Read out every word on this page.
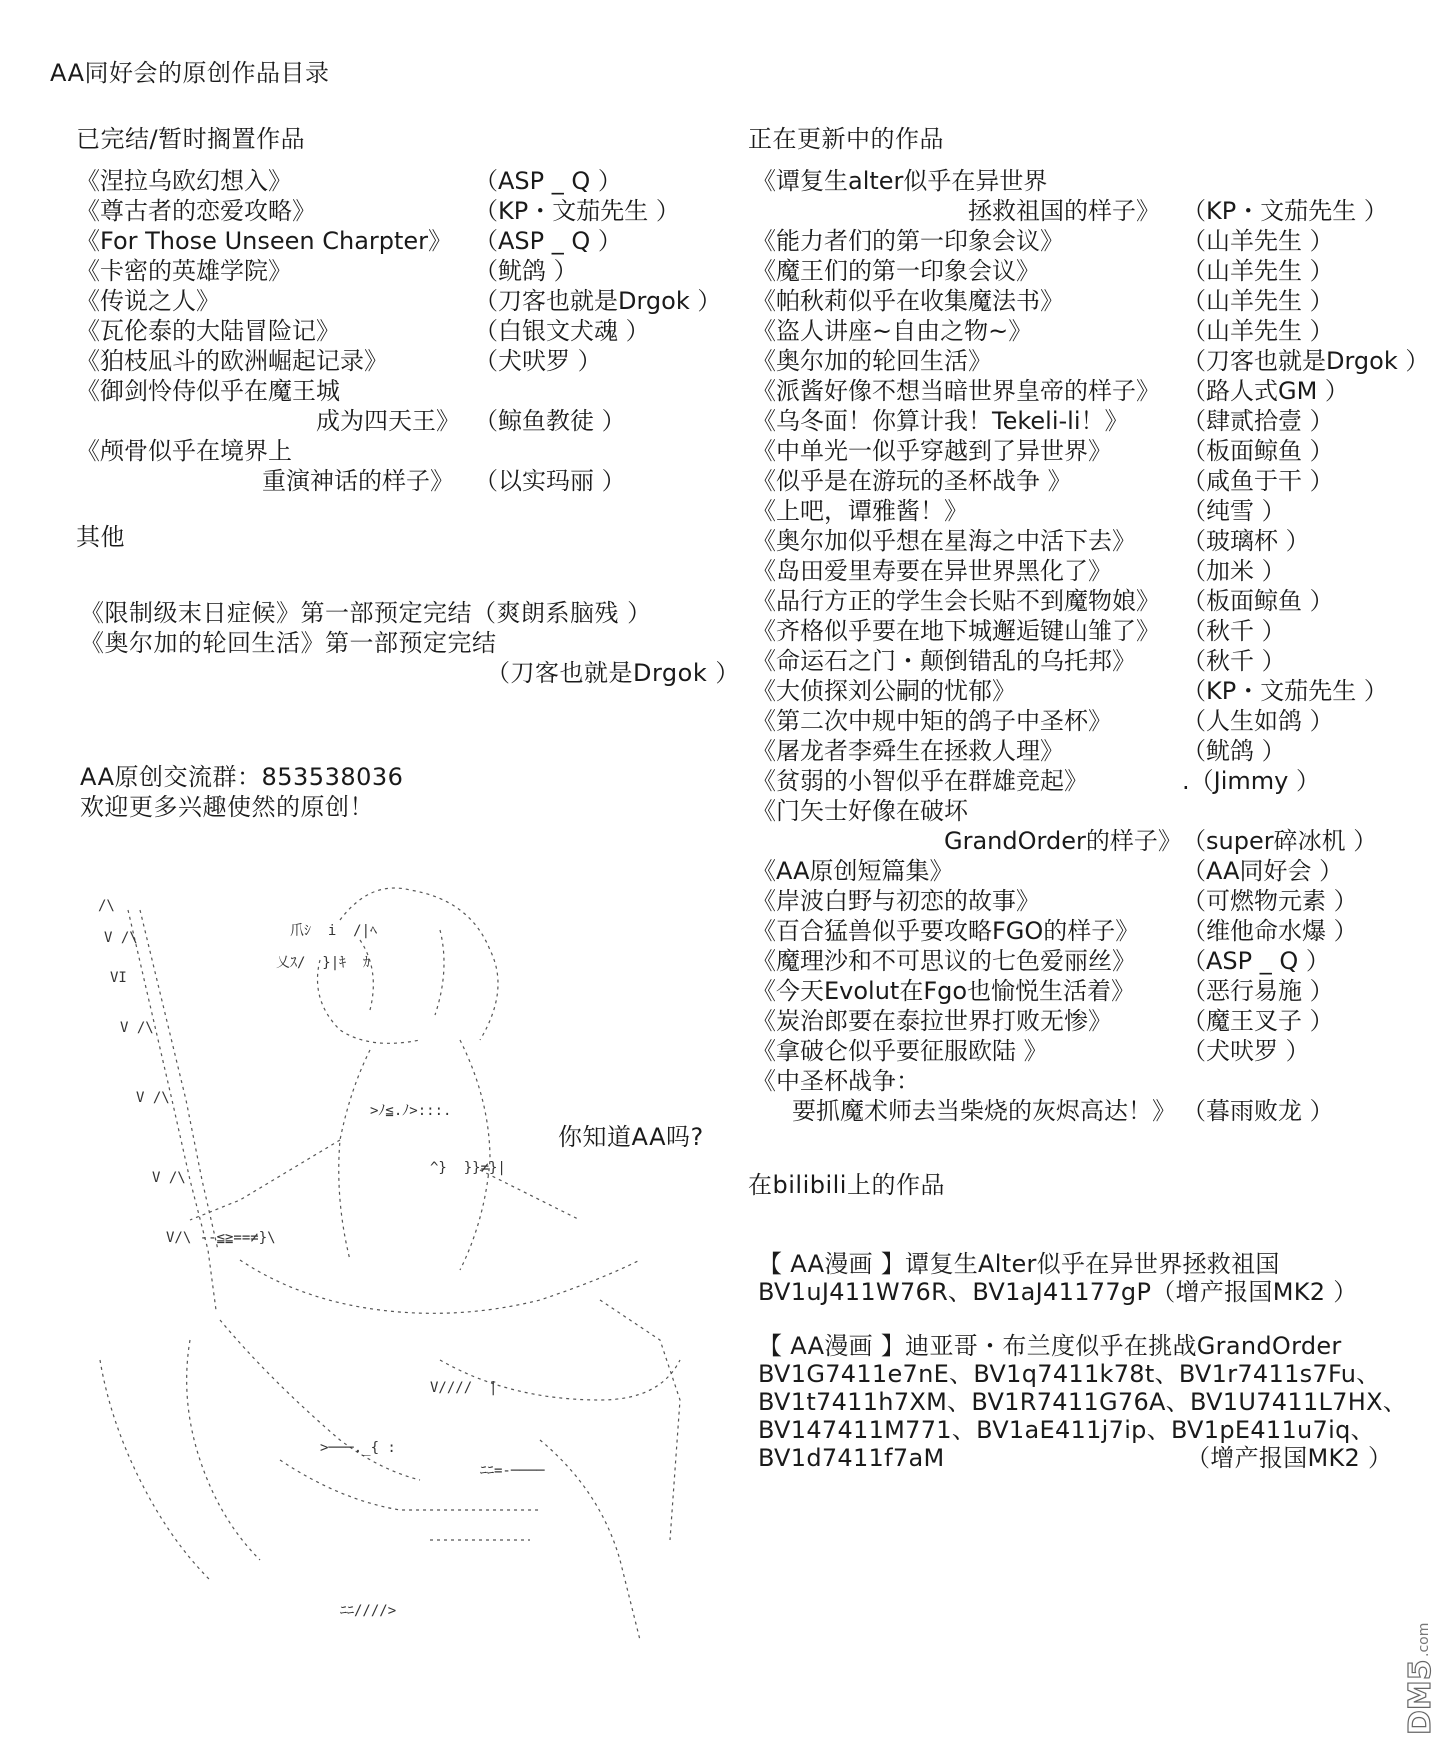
AA同好会的原创作品目录
已完结/暂时搁置作品
《涅拉乌欧幻想入》	（ASP _ Q ）
《尊古者的恋爱攻略》	（KP・文茄先生 ）
《For Those Unseen Charpter》 （ASP _ Q ）
《卡密的英雄学院》	（鱿鸽 ）
《传说之人》	（刀客也就是Drgok ）
《瓦伦泰的大陆冒险记》	（白银文犬魂 ）
《狛枝凪斗的欧洲崛起记录》	（犬吠罗 ）
《御剑怜侍似乎在魔王城
成为四天王》 （鲸鱼教徒 ）
《颅骨似乎在境界上
重演神话的样子》 （以实玛丽 ）
其他
《限制级末日症候》第一部预定完结（爽朗系脑残 ）
《奥尔加的轮回生活》第一部预定完结
（刀客也就是Drgok ）
AA原创交流群：853538036
欢迎更多兴趣使然的原创！
你知道AA吗?
正在更新中的作品
《谭复生alter似乎在异世界
拯救祖国的样子》 （KP・文茄先生 ）
《能力者们的第一印象会议》	（山羊先生 ）
《魔王们的第一印象会议》	（山羊先生 ）
《帕秋莉似乎在收集魔法书》	（山羊先生 ）
《盗人讲座~自由之物~》	（山羊先生 ）
《奥尔加的轮回生活》	（刀客也就是Drgok ）
《派酱好像不想当暗世界皇帝的样子》 （路人式GM ）
《乌冬面！你算计我！Tekeli-li！》 （肆贰拾壹 ）
《中单光一似乎穿越到了异世界》	（板面鲸鱼 ）
《似乎是在游玩的圣杯战争 》	（咸鱼于干 ）
《上吧，谭雅酱！》	（纯雪 ）
《奥尔加似乎想在星海之中活下去》 （玻璃杯 ）
《岛田爱里寿要在异世界黑化了》	（加米 ）
《品行方正的学生会长贴不到魔物娘》 （板面鲸鱼 ）
《齐格似乎要在地下城邂逅键山雏了》 （秋千 ）
《命运石之门・颠倒错乱的乌托邦》 （秋千 ）
《大侦探刘公嗣的忧郁》	（KP・文茄先生 ）
《第二次中规中矩的鸽子中圣杯》	（人生如鸽 ）
《屠龙者李舜生在拯救人理》	（鱿鸽 ）
《贫弱的小智似乎在群雄竞起》	.（Jimmy ）
《门矢士好像在破坏
GrandOrder的样子》 （super碎冰机 ）
《AA原创短篇集》	（AA同好会 ）
《岸波白野与初恋的故事》	（可燃物元素 ）
《百合猛兽似乎要攻略FGO的样子》 （维他命水爆 ）
《魔理沙和不可思议的七色爱丽丝》 （ASP _ Q ）
《今天Evolut在Fgo也愉悦生活着》 （恶行易施 ）
《炭治郎要在泰拉世界打败无惨》	（魔王叉子 ）
《拿破仑似乎要征服欧陆 》	（犬吠罗 ）
《中圣杯战争：
要抓魔术师去当柴烧的灰烬高达！》 （暮雨败龙 ）
在bilibili上的作品
【 AA漫画 】谭复生Alter似乎在异世界拯救祖国
BV1uJ411W76R、BV1aJ41177gP（增产报国MK2 ）
【 AA漫画 】迪亚哥・布兰度似乎在挑战GrandOrder
BV1G7411e7nE、BV1q7411k78t、BV1r7411s7Fu、
BV1t7411h7XM、BV1R7411G76A、BV1U7411L7HX、
BV147411M771、BV1aE411j7ip、BV1pE411u7iq、
BV1d7411f7aM	（增产报国MK2 ）
/\
V /\
VI
V /\
V /\
V /\
V/\ --≦≧==≠}\
爪ｼ  i  /|ﾍ
乂ｽ/  }|ｷ  ｶ
>ﾉ≦.ﾉ>:::.
^}  }}≠}|
V////  ̄|
>───._{ :
ﾆﾆ////>
ﾆﾆ=-────
DM5
.com
